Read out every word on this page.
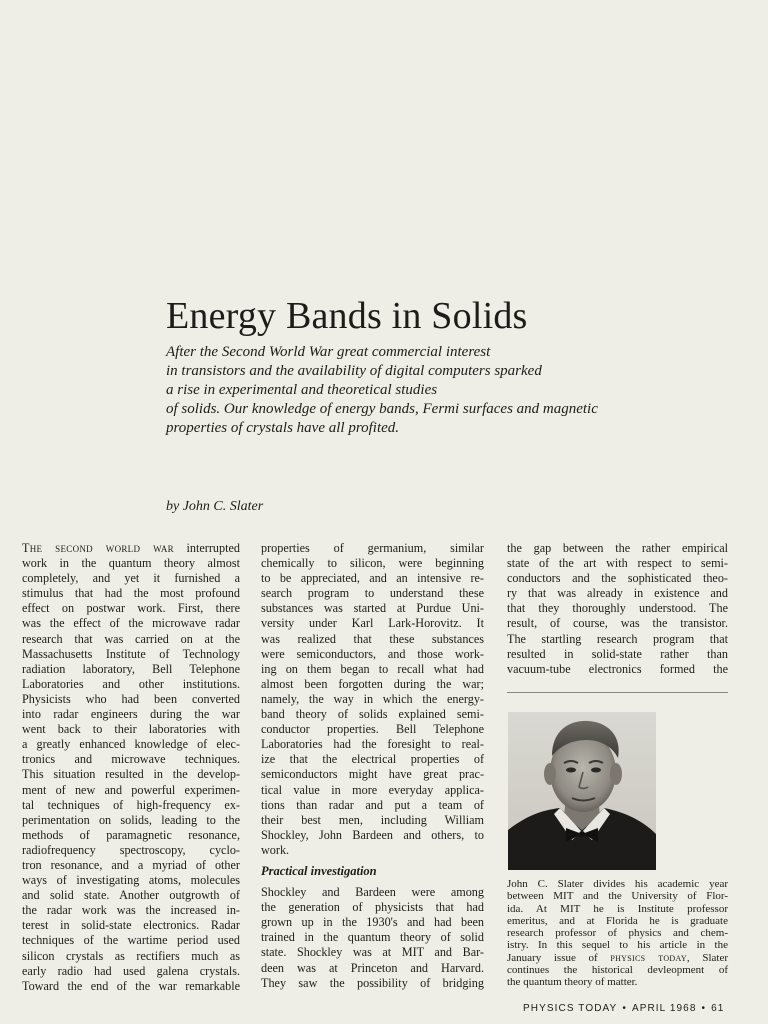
Energy Bands in Solids
After the Second World War great commercial interest
in transistors and the availability of digital computers sparked
a rise in experimental and theoretical studies
of solids. Our knowledge of energy bands, Fermi surfaces and magnetic
properties of crystals have all profited.
by John C. Slater
The second world war interrupted
work in the quantum theory almost
completely, and yet it furnished a
stimulus that had the most profound
effect on postwar work. First, there
was the effect of the microwave radar
research that was carried on at the
Massachusetts Institute of Technology
radiation laboratory, Bell Telephone
Laboratories and other institutions.
Physicists who had been converted
into radar engineers during the war
went back to their laboratories with
a greatly enhanced knowledge of elec-
tronics and microwave techniques.
This situation resulted in the develop-
ment of new and powerful experimen-
tal techniques of high-frequency ex-
perimentation on solids, leading to the
methods of paramagnetic resonance,
radiofrequency spectroscopy, cyclo-
tron resonance, and a myriad of other
ways of investigating atoms, molecules
and solid state. Another outgrowth of
the radar work was the increased in-
terest in solid-state electronics. Radar
techniques of the wartime period used
silicon crystals as rectifiers much as
early radio had used galena crystals.
Toward the end of the war remarkable
properties of germanium, similar
chemically to silicon, were beginning
to be appreciated, and an intensive re-
search program to understand these
substances was started at Purdue Uni-
versity under Karl Lark-Horovitz. It
was realized that these substances
were semiconductors, and those work-
ing on them began to recall what had
almost been forgotten during the war;
namely, the way in which the energy-
band theory of solids explained semi-
conductor properties. Bell Telephone
Laboratories had the foresight to real-
ize that the electrical properties of
semiconductors might have great prac-
tical value in more everyday applica-
tions than radar and put a team of
their best men, including William
Shockley, John Bardeen and others, to
work.
Practical investigation
Shockley and Bardeen were among
the generation of physicists that had
grown up in the 1930's and had been
trained in the quantum theory of solid
state. Shockley was at MIT and Bar-
deen was at Princeton and Harvard.
They saw the possibility of bridging
the gap between the rather empirical
state of the art with respect to semi-
conductors and the sophisticated theo-
ry that was already in existence and
that they thoroughly understood. The
result, of course, was the transistor.
The startling research program that
resulted in solid-state rather than
vacuum-tube electronics formed the
John C. Slater divides his academic year
between MIT and the University of Flor-
ida. At MIT he is Institute professor
emeritus, and at Florida he is graduate
research professor of physics and chem-
istry. In this sequel to his article in the
January issue of physics today, Slater
continues the historical devleopment of
the quantum theory of matter.
PHYSICS TODAY • APRIL 1968 • 61
